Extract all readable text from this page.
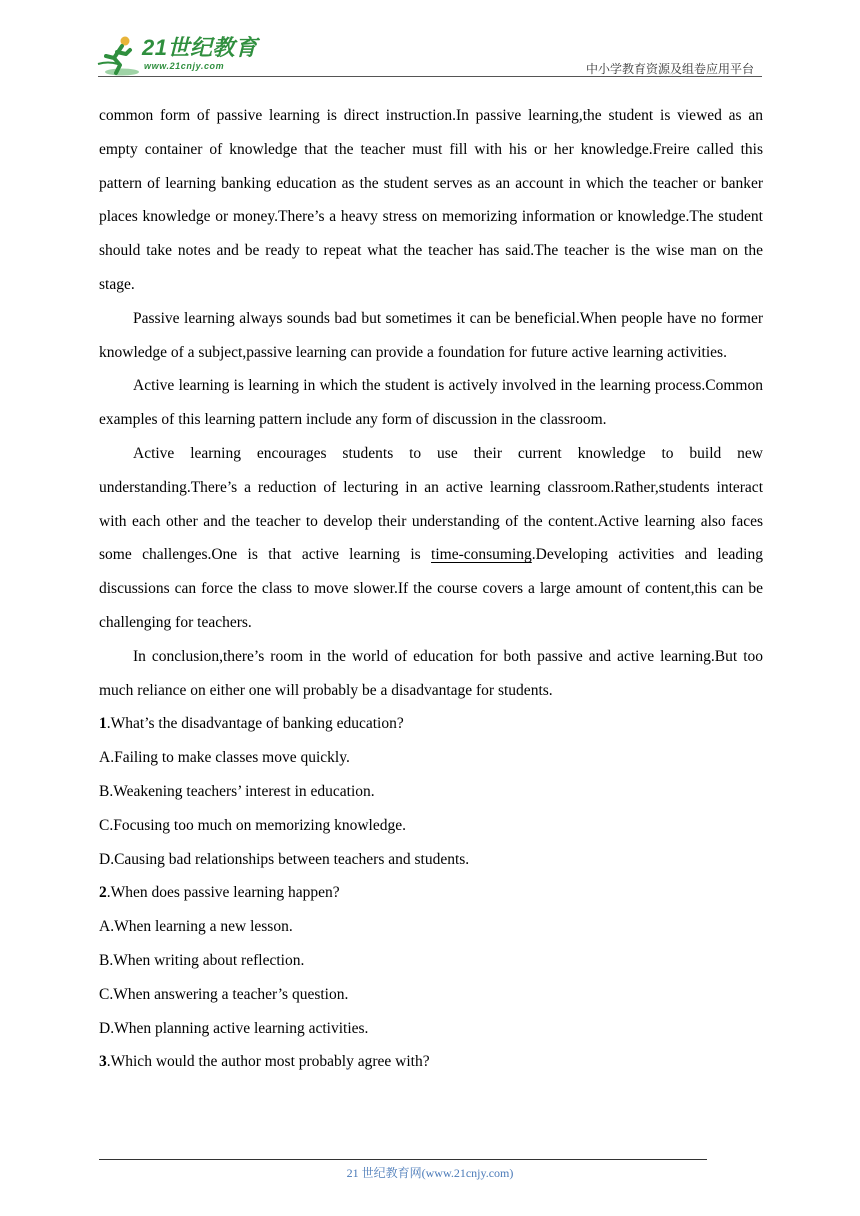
21世纪教育
www.21cnjy.com	中小学教育资源及组卷应用平台

common form of passive learning is direct instruction.In passive learning,the student is viewed as an empty container of knowledge that the teacher must fill with his or her knowledge.Freire called this pattern of learning banking education as the student serves as an account in which the teacher or banker places knowledge or money.There’s a heavy stress on memorizing information or knowledge.The student should take notes and be ready to repeat what the teacher has said.The teacher is the wise man on the stage.

Passive learning always sounds bad but sometimes it can be beneficial.When people have no former knowledge of a subject,passive learning can provide a foundation for future active learning activities.

Active learning is learning in which the student is actively involved in the learning process.Common examples of this learning pattern include any form of discussion in the classroom.

Active learning encourages students to use their current knowledge to build new understanding.There’s a reduction of lecturing in an active learning classroom.Rather,students interact with each other and the teacher to develop their understanding of the content.Active learning also faces some challenges.One is that active learning is time-consuming.Developing activities and leading discussions can force the class to move slower.If the course covers a large amount of content,this can be challenging for teachers.

In conclusion,there’s room in the world of education for both passive and active learning.But too much reliance on either one will probably be a disadvantage for students.

1.What’s the disadvantage of banking education?

A.Failing to make classes move quickly.

B.Weakening teachers’ interest in education.

C.Focusing too much on memorizing knowledge.

D.Causing bad relationships between teachers and students.

2.When does passive learning happen?

A.When learning a new lesson.

B.When writing about reflection.

C.When answering a teacher’s question.

D.When planning active learning activities.

3.Which would the author most probably agree with?

21 世纪教育网(www.21cnjy.com)
